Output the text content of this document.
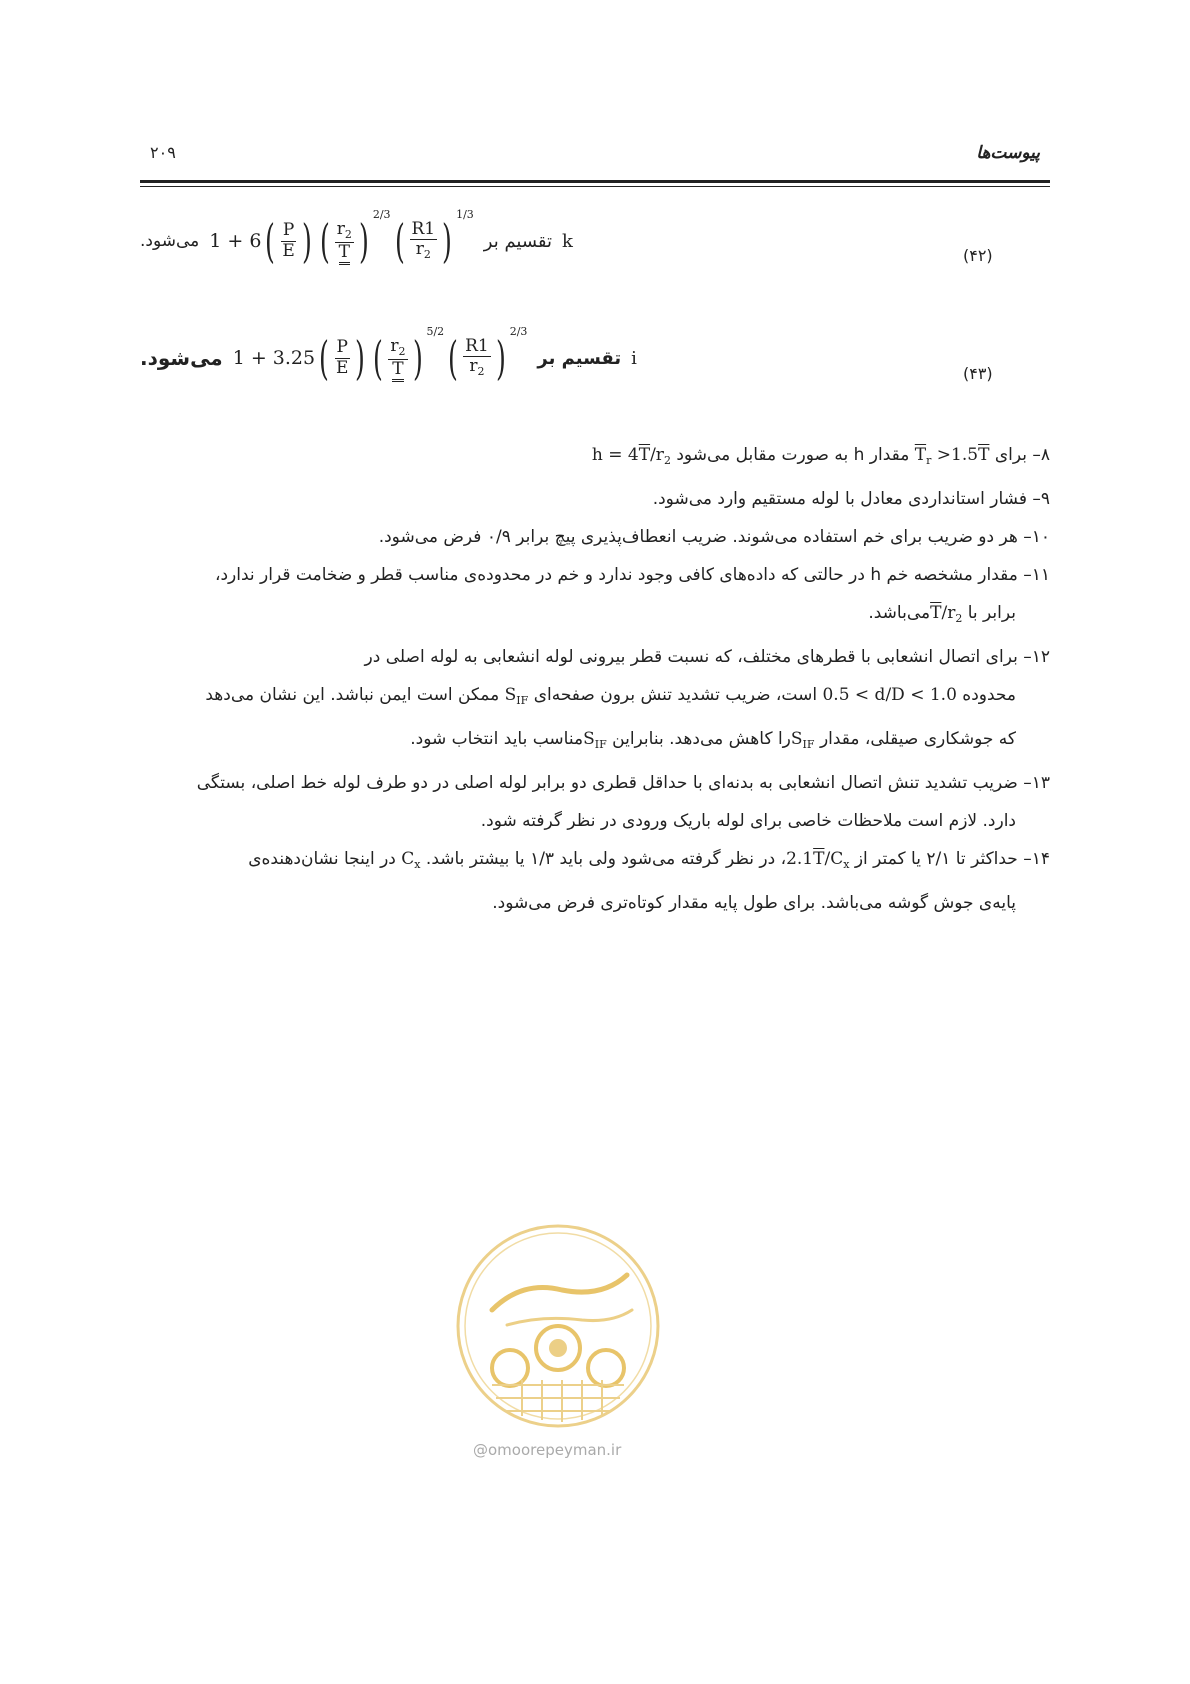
۲۰۹	پیوست‌ها
می‌شود. 1 + 6 ( $\frac{P}{E}$ ) ( $\frac{r_2}{T}$ ) 2/3 ( $\frac{R1}{r_2}$ ) 1/3
تقسیم بر k
(۴۲)
می‌شود. 1 + 3.25 ( $\frac{P}{E}$ ) ( $\frac{r_2}{T}$ ) 5/2 ( $\frac{R1}{r_2}$ ) 2/3
تقسیم بر i
(۴۳)
۸– برای $\overline{T}_r >1.5\overline{T}$ مقدار h به صورت مقابل می‌شود $h = 4\overline{T}/r_2$
۹– فشار استانداردی معادل با لوله مستقیم وارد می‌شود.
۱۰– هر دو ضریب برای خم استفاده می‌شوند. ضریب انعطاف‌پذیری پیچ برابر ۰/۹ فرض می‌شود.
۱۱– مقدار مشخصه خم h در حالتی که داده‌های کافی وجود ندارد و خم در محدوده‌ی مناسب قطر و ضخامت قرار ندارد،
برابر با $\overline{T}/r_2می‌باشد$.
۱۲– برای اتصال انشعابی با قطرهای مختلف، که نسبت قطر بیرونی لوله انشعابی به لوله اصلی در
محدوده 0.5 < d/D < 1.0 است، ضریب تشدید تنش برون صفحه‌ای $S_{IF}$ ممکن است ایمن نباشد. این نشان می‌دهد
که جوشکاری صیقلی، مقدار $S_{IF}را$ کاهش می‌دهد. بنابراین $S_{IF}مناسب$ باید انتخاب شود.
۱۳– ضریب تشدید تنش اتصال انشعابی به بدنه‌ای با حداقل قطری دو برابر لوله اصلی در دو طرف لوله خط اصلی، بستگی
دارد. لازم است ملاحظات خاصی برای لوله باریک ورودی در نظر گرفته شود.
۱۴– حداکثر تا ۲/۱ یا کمتر از $2.1\overline{T}/C_x،$ در نظر گرفته می‌شود ولی باید ۱/۳ یا بیشتر باشد. $C_x$ در اینجا نشان‌دهنده‌ی
پایه‌ی جوش گوشه می‌باشد. برای طول پایه مقدار کوتاه‌تری فرض می‌شود.
@omoorepeyman.ir
